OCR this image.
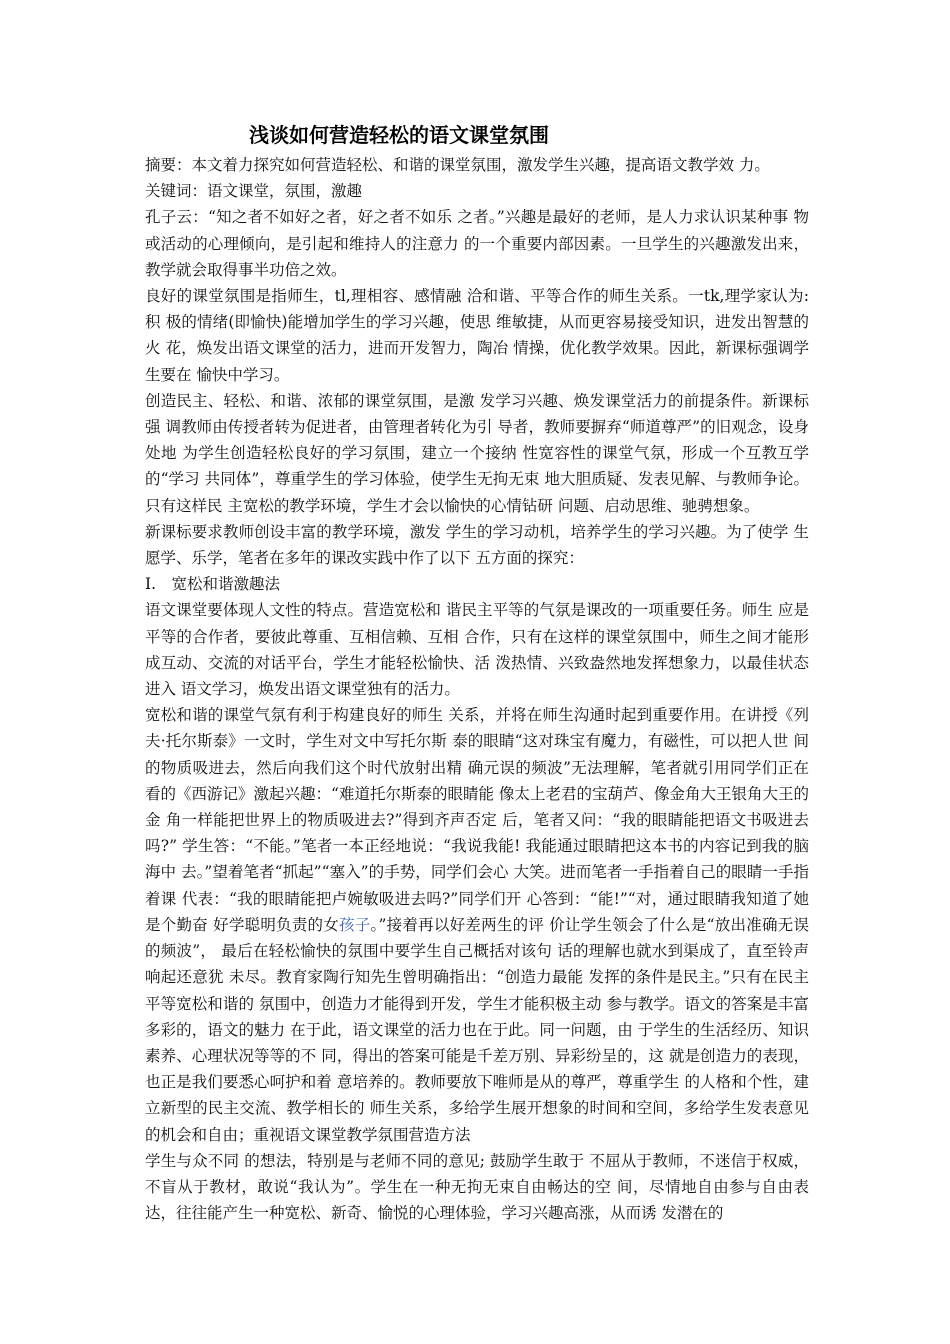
浅谈如何营造轻松的语文课堂氛围

摘要：本文着力探究如何营造轻松、和谐的课堂氛围，激发学生兴趣，提高语文教学效 力。

关键词：语文课堂，氛围，激趣

孔子云：“知之者不如好之者，好之者不如乐 之者。”兴趣是最好的老师，是人力求认识某种事 物或活动的心理倾向，是引起和维持人的注意力 的一个重要内部因素。一旦学生的兴趣激发出来， 教学就会取得事半功倍之效。

良好的课堂氛围是指师生，tl,理相容、感情融 洽和谐、平等合作的师生关系。一tk,理学家认为: 积 极的情绪(即愉快)能增加学生的学习兴趣，使思 维敏捷，从而更容易接受知识，进发出智慧的火 花，焕发出语文课堂的活力，进而开发智力，陶冶 情操，优化教学效果。因此，新课标强调学生要在 愉快中学习。

创造民主、轻松、和谐、浓郁的课堂氛围，是激 发学习兴趣、焕发课堂活力的前提条件。新课标强 调教师由传授者转为促进者，由管理者转化为引 导者，教师要摒弃“师道尊严”的旧观念，设身处地 为学生创造轻松良好的学习氛围，建立一个接纳 性宽容性的课堂气氛，形成一个互教互学的“学习 共同体”，尊重学生的学习体验，使学生无拘无束 地大胆质疑、发表见解、与教师争论。只有这样民 主宽松的教学环境，学生才会以愉快的心情钻研 问题、启动思维、驰骋想象。

新课标要求教师创设丰富的教学环境，激发 学生的学习动机，培养学生的学习兴趣。为了使学 生愿学、乐学，笔者在多年的课改实践中作了以下 五方面的探究：

I.　宽松和谐激趣法

语文课堂要体现人文性的特点。营造宽松和 谐民主平等的气氛是课改的一项重要任务。师生 应是平等的合作者，要彼此尊重、互相信赖、互相 合作，只有在这样的课堂氛围中，师生之间才能形 成互动、交流的对话平台，学生才能轻松愉快、活 泼热情、兴致盎然地发挥想象力，以最佳状态进入 语文学习，焕发出语文课堂独有的活力。

宽松和谐的课堂气氛有利于构建良好的师生 关系，并将在师生沟通时起到重要作用。在讲授《列夫·托尔斯泰》一文时，学生对文中写托尔斯 泰的眼睛“这对珠宝有魔力，有磁性，可以把人世 间的物质吸进去，然后向我们这个时代放射出精 确元误的频波”无法理解，笔者就引用同学们正在 看的《西游记》激起兴趣：“难道托尔斯泰的眼睛能 像太上老君的宝葫芦、像金角大王银角大王的金 角一样能把世界上的物质吸进去?”得到齐声否定 后，笔者又问：“我的眼睛能把语文书吸进去吗?” 学生答：“不能。”笔者一本正经地说：“我说我能! 我能通过眼睛把这本书的内容记到我的脑海中 去。”望着笔者“抓起”“塞入”的手势，同学们会心 大笑。进而笔者一手指着自己的眼睛一手指着课 代表：“我的眼睛能把卢婉敏吸进去吗?”同学们开 心答到：“能!”“对，通过眼睛我知道了她是个勤奋 好学聪明负责的女孩子。”接着再以好差两生的评 价让学生领会了什么是“放出准确无误的频波”， 最后在轻松愉快的氛围中要学生自己概括对该句 话的理解也就水到渠成了，直至铃声响起还意犹 未尽。教育家陶行知先生曾明确指出：“创造力最能 发挥的条件是民主。”只有在民主平等宽松和谐的 氛围中，创造力才能得到开发，学生才能积极主动 参与教学。语文的答案是丰富多彩的，语文的魅力 在于此，语文课堂的活力也在于此。同一问题，由 于学生的生活经历、知识素养、心理状况等等的不 同，得出的答案可能是千差万别、异彩纷呈的，这 就是创造力的表现，也正是我们要悉心呵护和着 意培养的。教师要放下唯师是从的尊严，尊重学生 的人格和个性，建立新型的民主交流、教学相长的 师生关系，多给学生展开想象的时间和空间，多给学生发表意见的机会和自由；重视语文课堂教学氛围营造方法

学生与众不同 的想法，特别是与老师不同的意见; 鼓励学生敢于 不屈从于教师，不迷信于权威，不盲从于教材，敢说“我认为”。学生在一种无拘无束自由畅达的空 间，尽情地自由参与自由表达，往往能产生一种宽松、新奇、愉悦的心理体验，学习兴趣高涨，从而诱 发潜在的
